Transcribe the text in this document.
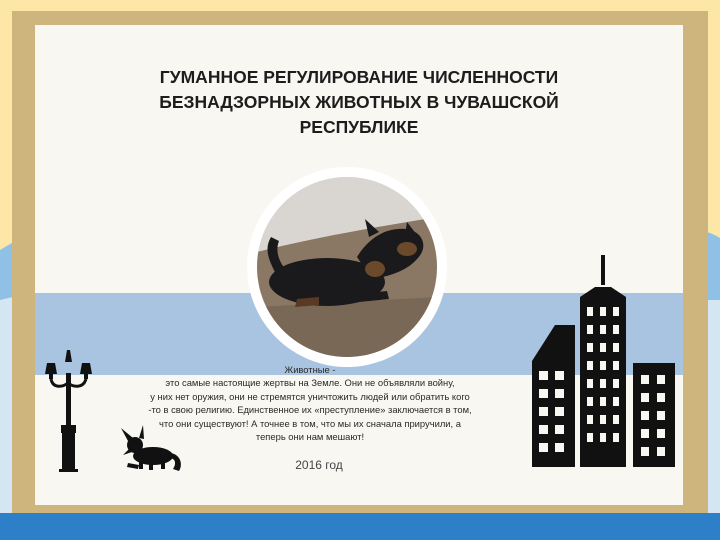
ГУМАННОЕ РЕГУЛИРОВАНИЕ ЧИСЛЕННОСТИ
БЕЗНАДЗОРНЫХ ЖИВОТНЫХ В ЧУВАШСКОЙ
РЕСПУБЛИКЕ
Животные -
это самые настоящие жертвы на Земле. Они не объявляли войну,
у них нет оружия, они не стремятся уничтожить людей или обратить кого
-то в свою религию. Единственное их «преступление» заключается в том,
что они существуют! А точнее в том, что мы их сначала приручили, а
теперь они нам мешают!
2016 год
